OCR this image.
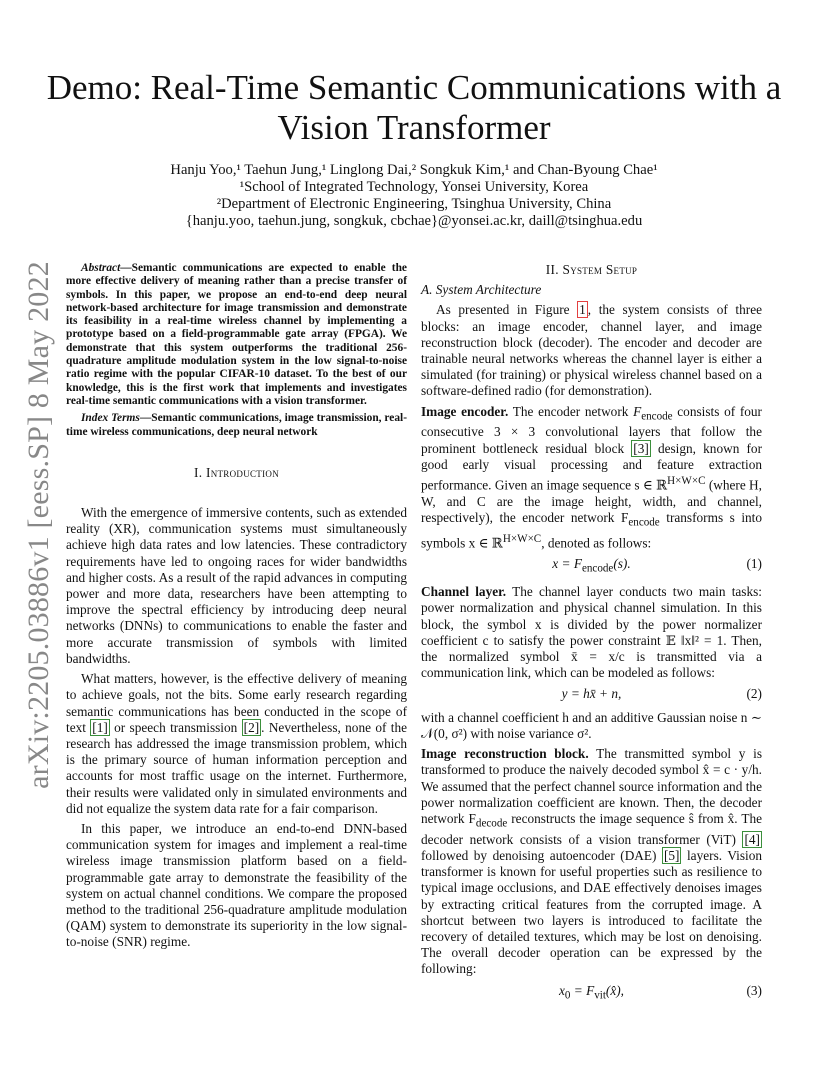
arXiv:2205.03886v1 [eess.SP] 8 May 2022
Demo: Real-Time Semantic Communications with a
Vision Transformer
Hanju Yoo,¹ Taehun Jung,¹ Linglong Dai,² Songkuk Kim,¹ and Chan-Byoung Chae¹
¹School of Integrated Technology, Yonsei University, Korea
²Department of Electronic Engineering, Tsinghua University, China
{hanju.yoo, taehun.jung, songkuk, cbchae}@yonsei.ac.kr, daill@tsinghua.edu

Abstract—Semantic communications are expected to enable the more effective delivery of meaning rather than a precise transfer of symbols. In this paper, we propose an end-to-end deep neural network-based architecture for image transmission and demonstrate its feasibility in a real-time wireless channel by implementing a prototype based on a field-programmable gate array (FPGA). We demonstrate that this system outperforms the traditional 256-quadrature amplitude modulation system in the low signal-to-noise ratio regime with the popular CIFAR-10 dataset. To the best of our knowledge, this is the first work that implements and investigates real-time semantic communications with a vision transformer.

Index Terms—Semantic communications, image transmission, real-time wireless communications, deep neural network

I. Introduction

With the emergence of immersive contents, such as extended reality (XR), communication systems must simultaneously achieve high data rates and low latencies. These contradictory requirements have led to ongoing races for wider bandwidths and higher costs. As a result of the rapid advances in computing power and more data, researchers have been attempting to improve the spectral efficiency by introducing deep neural networks (DNNs) to communications to enable the faster and more accurate transmission of symbols with limited bandwidths.

What matters, however, is the effective delivery of meaning to achieve goals, not the bits. Some early research regarding semantic communications has been conducted in the scope of text [1] or speech transmission [2] . Nevertheless, none of the research has addressed the image transmission problem, which is the primary source of human information perception and accounts for most traffic usage on the internet. Furthermore, their results were validated only in simulated environments and did not equalize the system data rate for a fair comparison.

In this paper, we introduce an end-to-end DNN-based communication system for images and implement a real-time wireless image transmission platform based on a field-programmable gate array to demonstrate the feasibility of the system on actual channel conditions. We compare the proposed method to the traditional 256-quadrature amplitude modulation (QAM) system to demonstrate its superiority in the low signal-to-noise (SNR) regime.

II. System Setup

A. System Architecture

As presented in Figure 1 , the system consists of three blocks: an image encoder, channel layer, and image reconstruction block (decoder). The encoder and decoder are trainable neural networks whereas the channel layer is either a simulated (for training) or physical wireless channel based on a software-defined radio (for demonstration).

Image encoder. The encoder network $F_{encode}$ consists of four consecutive 3 × 3 convolutional layers that follow the prominent bottleneck residual block [3] design, known for good early visual processing and feature extraction performance. Given an image sequence s ∈ ℝ$^{H\times W\times C}$ (where H, W, and C are the image height, width, and channel, respectively), the encoder network $F_{encode}$ transforms s into symbols x ∈ ℝ$^{H\times W\times C}$, denoted as follows:

$x = F_{encode}(s)$.	(1)

Channel layer. The channel layer conducts two main tasks: power normalization and physical channel simulation. In this block, the symbol x is divided by the power normalizer coefficient c to satisfy the power constraint 𝔼 ‖x‖² = 1. Then, the normalized symbol x̄ = x/c is transmitted via a communication link, which can be modeled as follows:

y = hx̄ + n,	(2)

with a channel coefficient h and an additive Gaussian noise n ∼ 𝒩(0, σ²) with noise variance σ².

Image reconstruction block. The transmitted symbol y is transformed to produce the naively decoded symbol x̂ = c · y/h. We assumed that the perfect channel source information and the power normalization coefficient are known. Then, the decoder network $F_{decode}$ reconstructs the image sequence ŝ from x̂. The decoder network consists of a vision transformer (ViT) [4] followed by denoising autoencoder (DAE) [5] layers. Vision transformer is known for useful properties such as resilience to typical image occlusions, and DAE effectively denoises images by extracting critical features from the corrupted image. A shortcut between two layers is introduced to facilitate the recovery of detailed textures, which may be lost on denoising. The overall decoder operation can be expressed by the following:

$x_0$ = $F_{vit}(x̂)$,	(3)
